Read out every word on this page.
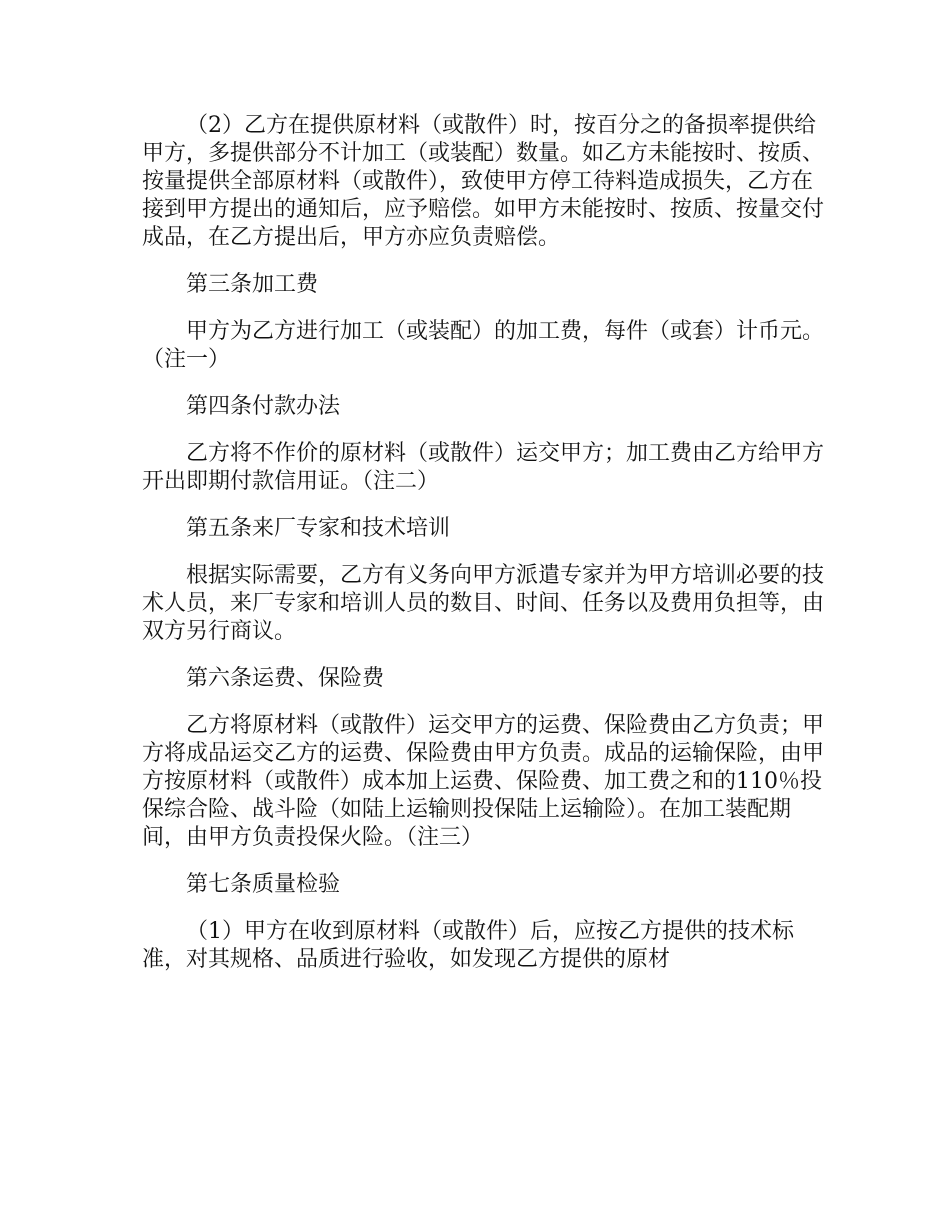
（2）乙方在提供原材料（或散件）时，按百分之的备损率提供给甲方，多提供部分不计加工（或装配）数量。如乙方未能按时、按质、按量提供全部原材料（或散件），致使甲方停工待料造成损失，乙方在接到甲方提出的通知后，应予赔偿。如甲方未能按时、按质、按量交付成品，在乙方提出后，甲方亦应负责赔偿。

第三条加工费

甲方为乙方进行加工（或装配）的加工费，每件（或套）计币元。（注一）

第四条付款办法

乙方将不作价的原材料（或散件）运交甲方；加工费由乙方给甲方开出即期付款信用证。（注二）

第五条来厂专家和技术培训

根据实际需要，乙方有义务向甲方派遣专家并为甲方培训必要的技术人员，来厂专家和培训人员的数目、时间、任务以及费用负担等，由双方另行商议。

第六条运费、保险费

乙方将原材料（或散件）运交甲方的运费、保险费由乙方负责；甲方将成品运交乙方的运费、保险费由甲方负责。成品的运输保险，由甲方按原材料（或散件）成本加上运费、保险费、加工费之和的110％投保综合险、战斗险（如陆上运输则投保陆上运输险）。在加工装配期间，由甲方负责投保火险。（注三）

第七条质量检验

（1）甲方在收到原材料（或散件）后，应按乙方提供的技术标准，对其规格、品质进行验收，如发现乙方提供的原材
